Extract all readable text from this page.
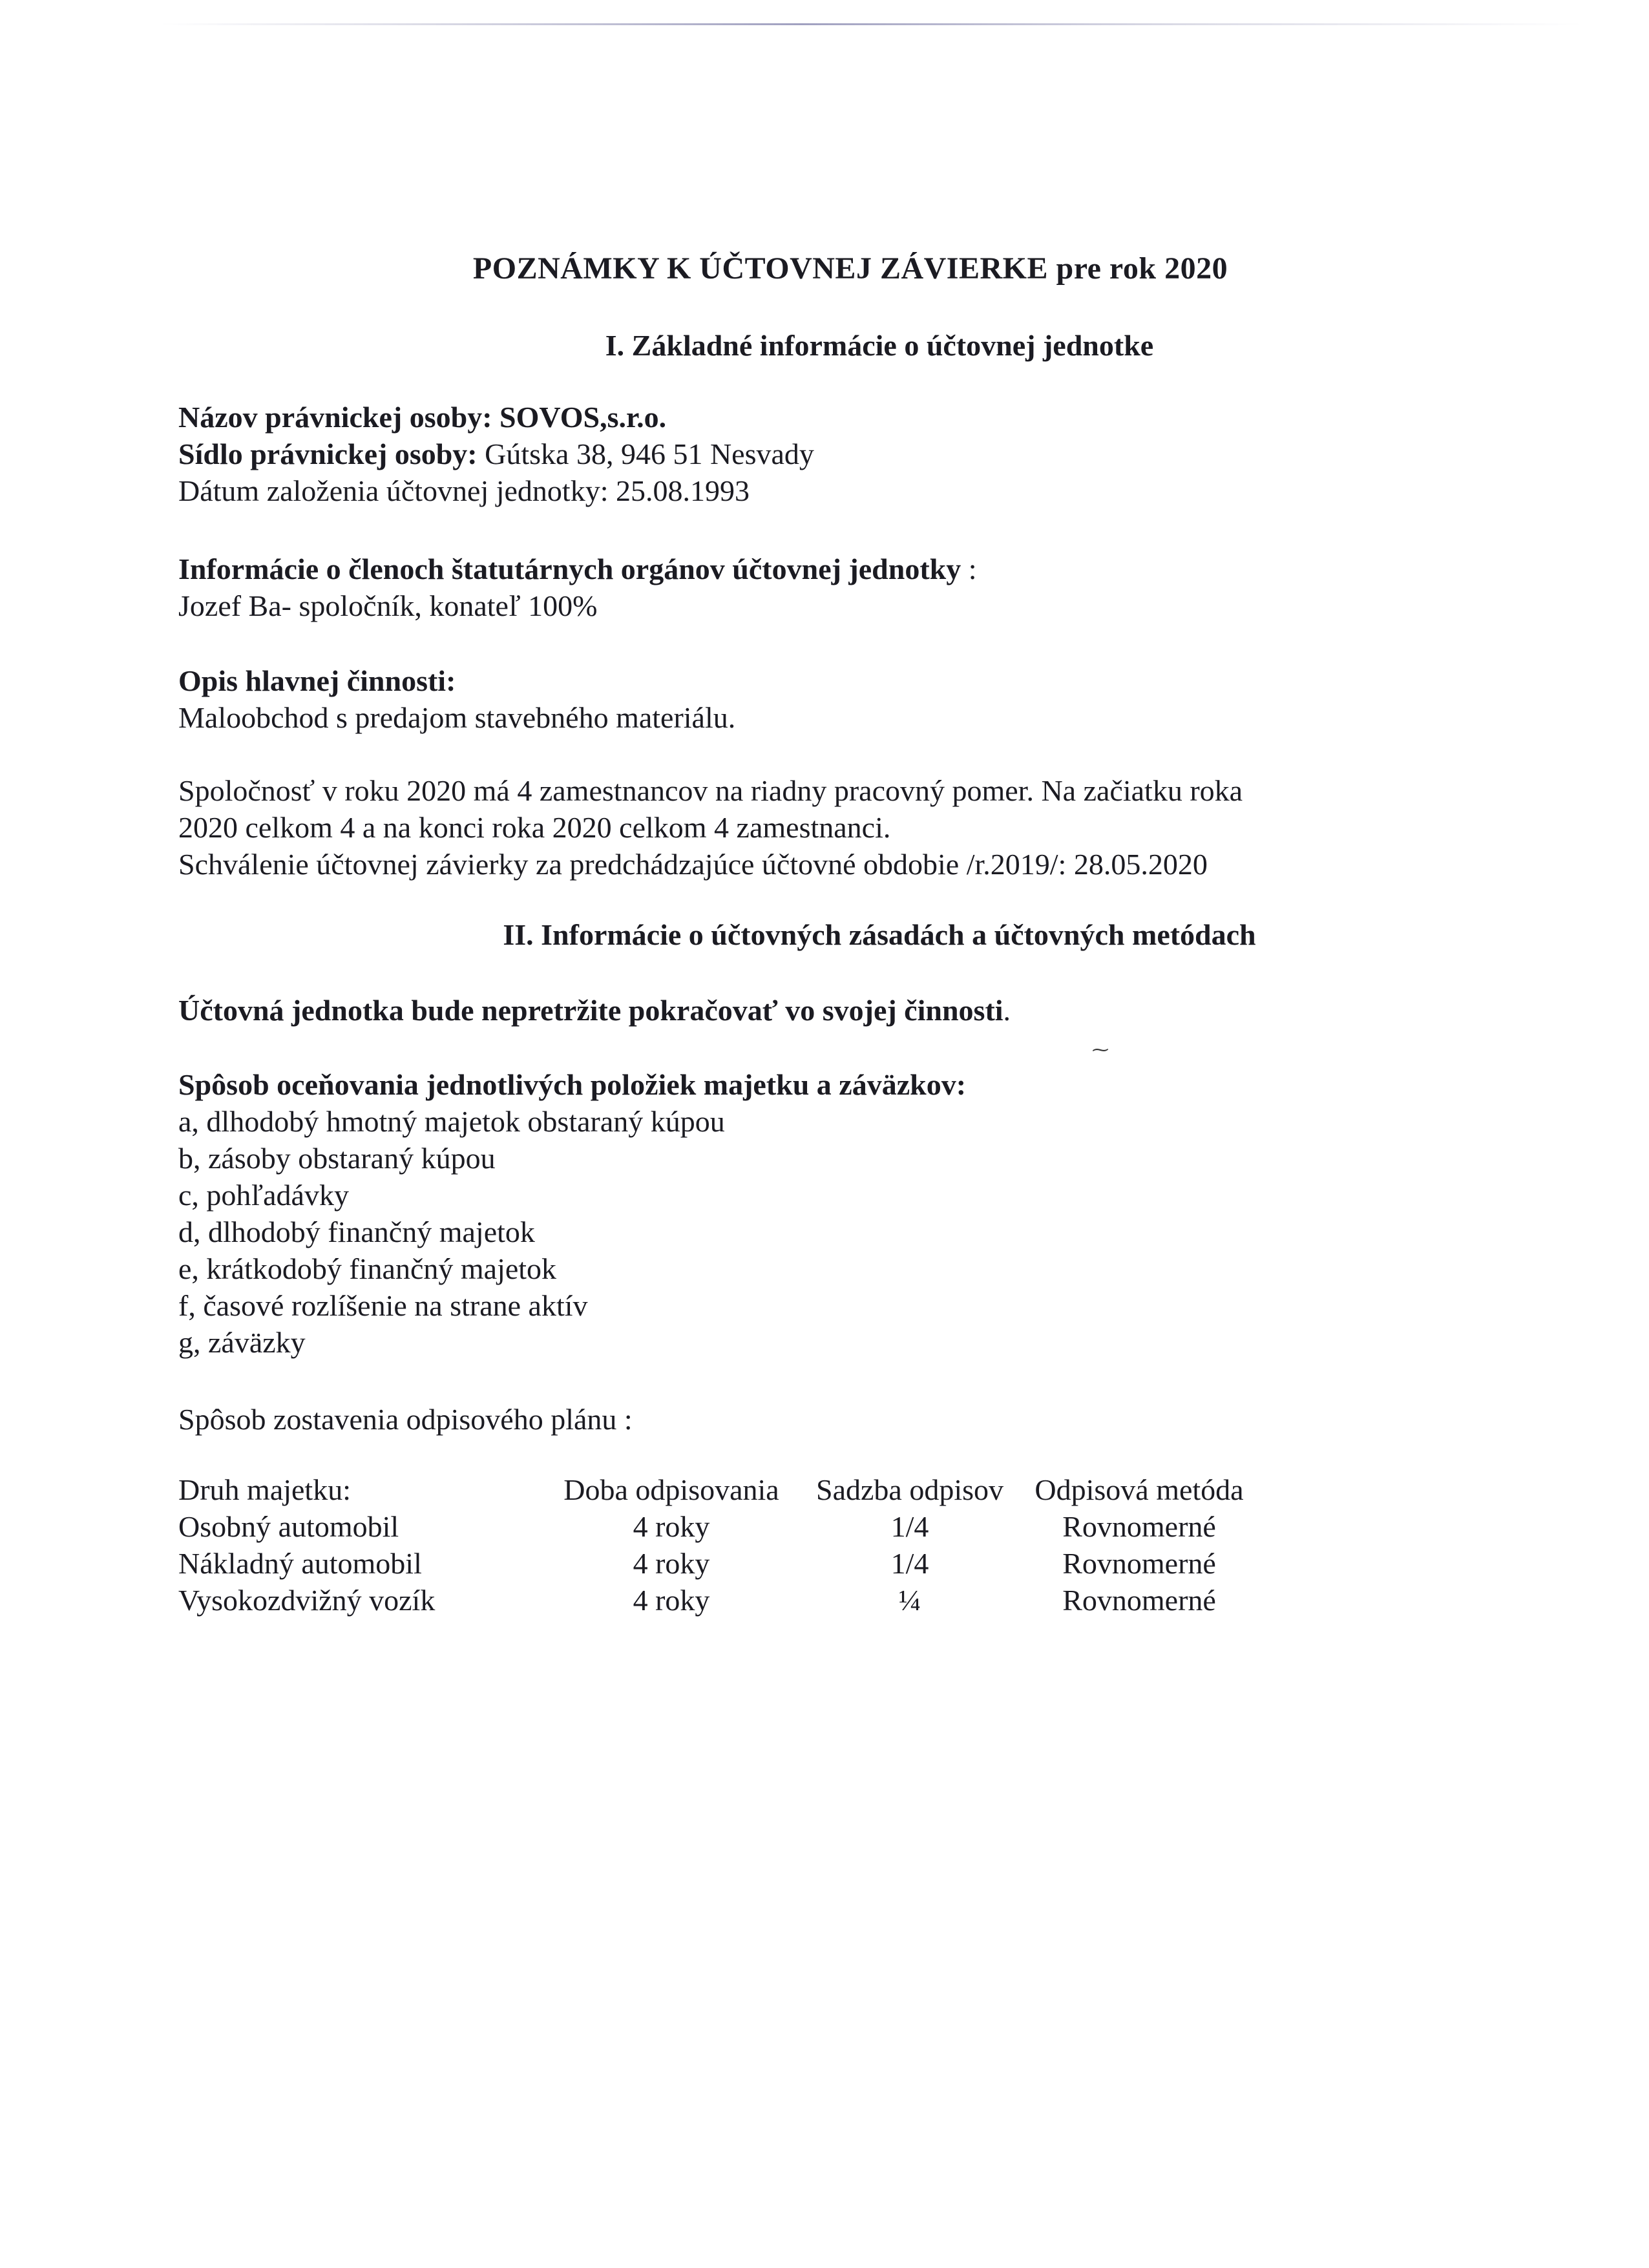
POZNÁMKY K ÚČTOVNEJ ZÁVIERKE pre rok 2020
I. Základné informácie o účtovnej jednotke

Názov právnickej osoby: SOVOS,s.r.o.

Sídlo právnickej osoby: Gútska 38, 946 51 Nesvady

Dátum založenia účtovnej jednotky: 25.08.1993

Informácie o členoch štatutárnych orgánov účtovnej jednotky :

Jozef Ba- spoločník, konateľ 100%

Opis hlavnej činnosti:

Maloobchod s predajom stavebného materiálu.

Spoločnosť v roku 2020 má 4 zamestnancov na riadny pracovný pomer. Na začiatku roka

2020 celkom 4 a na konci roka 2020 celkom 4 zamestnanci.

Schválenie účtovnej závierky za predchádzajúce účtovné obdobie /r.2019/: 28.05.2020

II. Informácie o účtovných zásadách a účtovných metódach

Účtovná jednotka bude nepretržite pokračovať vo svojej činnosti.

⁓

Spôsob oceňovania jednotlivých položiek majetku a záväzkov:

a, dlhodobý hmotný majetok obstaraný kúpou

b, zásoby obstaraný kúpou

c, pohľadávky

d, dlhodobý finančný majetok

e, krátkodobý finančný majetok

f, časové rozlíšenie na strane aktív

g, záväzky

Spôsob zostavenia odpisového plánu :

Druh majetku:	Doba odpisovania	Sadzba odpisov	Odpisová metóda
Osobný automobil	4 roky	1/4	Rovnomerné
Nákladný automobil	4 roky	1/4	Rovnomerné
Vysokozdvižný vozík	4 roky	¼	Rovnomerné
